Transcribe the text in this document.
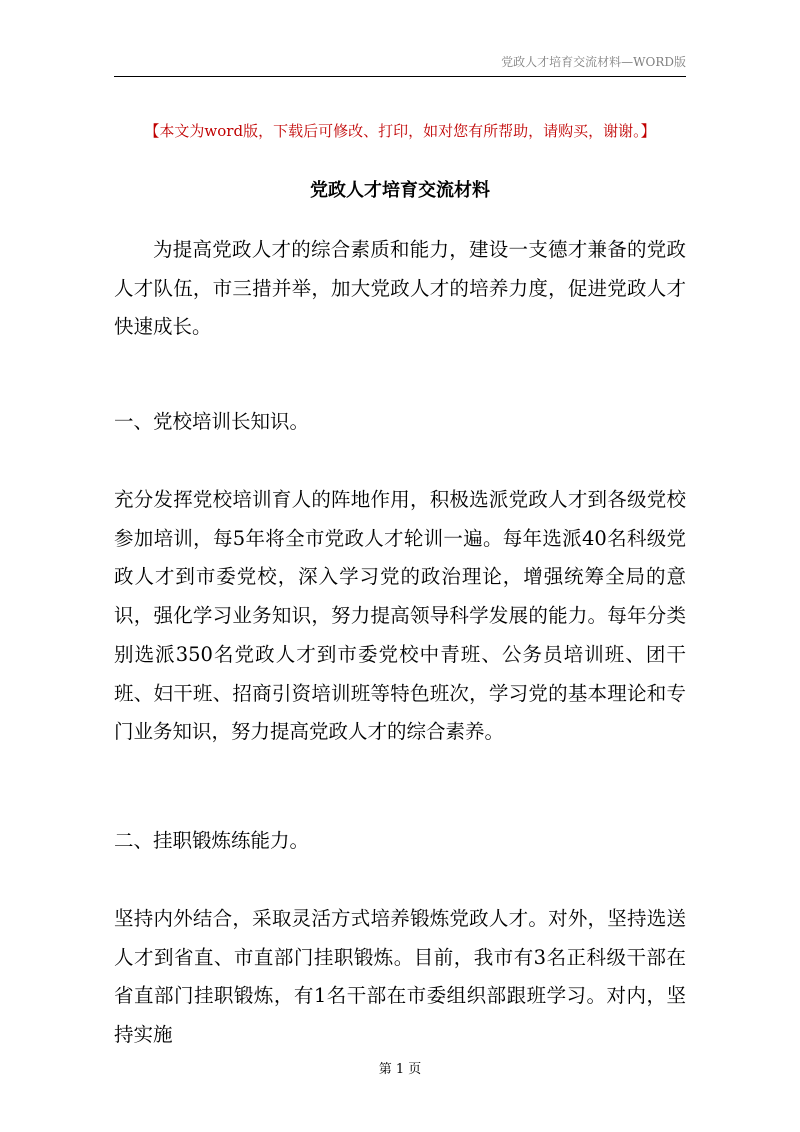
党政人才培育交流材料—WORD版
【本文为word版，下载后可修改、打印，如对您有所帮助，请购买，谢谢。】
党政人才培育交流材料
为提高党政人才的综合素质和能力，建设一支德才兼备的党政人才队伍，市三措并举，加大党政人才的培养力度，促进党政人才快速成长。
一、党校培训长知识。
充分发挥党校培训育人的阵地作用，积极选派党政人才到各级党校参加培训，每5年将全市党政人才轮训一遍。每年选派40名科级党政人才到市委党校，深入学习党的政治理论，增强统筹全局的意识，强化学习业务知识，努力提高领导科学发展的能力。每年分类别选派350名党政人才到市委党校中青班、公务员培训班、团干班、妇干班、招商引资培训班等特色班次，学习党的基本理论和专门业务知识，努力提高党政人才的综合素养。
二、挂职锻炼练能力。
坚持内外结合，采取灵活方式培养锻炼党政人才。对外，坚持选送人才到省直、市直部门挂职锻炼。目前，我市有3名正科级干部在省直部门挂职锻炼，有1名干部在市委组织部跟班学习。对内，坚持实施
第 1 页
